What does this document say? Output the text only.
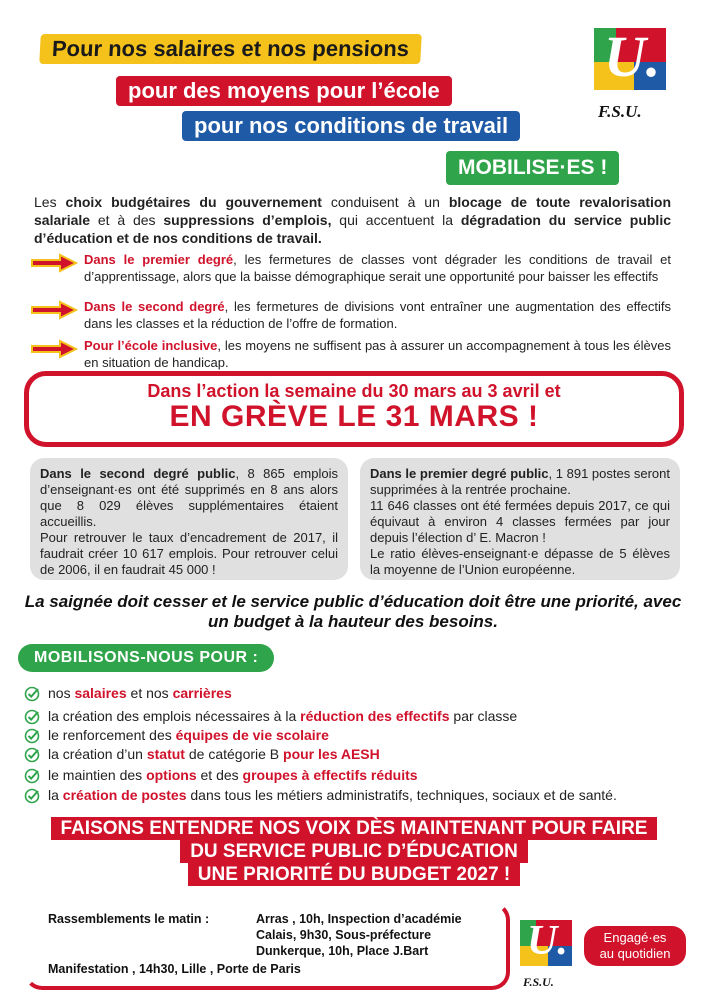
Pour nos salaires et nos pensions
pour des moyens pour l’école
pour nos conditions de travail
MOBILISE·ES !
U.
F.S.U.
Les choix budgétaires du gouvernement conduisent à un blocage de toute revalorisation salariale et à des suppressions d’emplois, qui accentuent la dégradation du service public d’éducation et de nos conditions de travail.
Dans le premier degré, les fermetures de classes vont dégrader les conditions de travail et d’apprentissage, alors que la baisse démographique serait une opportunité pour baisser les effectifs
Dans le second degré, les fermetures de divisions vont entraîner une augmentation des effectifs dans les classes et la réduction de l’offre de formation.
Pour l’école inclusive, les moyens ne suffisent pas à assurer un accompagnement à tous les élèves en situation de handicap.
Dans l’action la semaine du 30 mars au 3 avril et
EN GRÈVE LE 31 MARS !
Dans le second degré public, 8 865 emplois d’enseignant·es ont été supprimés en 8 ans alors que 8 029 élèves supplémentaires étaient accueillis.
Pour retrouver le taux d’encadrement de 2017, il faudrait créer 10 617 emplois. Pour retrouver celui de 2006, il en faudrait 45 000 !
Dans le premier degré public, 1 891 postes seront supprimées à la rentrée prochaine.
11 646 classes ont été fermées depuis 2017, ce qui équivaut à environ 4 classes fermées par jour depuis l’élection d’ E. Macron !
Le ratio élèves-enseignant·e dépasse de 5 élèves la moyenne de l’Union européenne.
La saignée doit cesser et le service public d’éducation doit être une priorité, avec un budget à la hauteur des besoins.
MOBILISONS-NOUS POUR :
nos salaires et nos carrières
la création des emplois nécessaires à la réduction des effectifs par classe
le renforcement des équipes de vie scolaire
la création d’un statut de catégorie B pour les AESH
le maintien des options et des groupes à effectifs réduits
la création de postes dans tous les métiers administratifs, techniques, sociaux et de santé.
FAISONS ENTENDRE NOS VOIX DÈS MAINTENANT POUR FAIRE
DU SERVICE PUBLIC D’ÉDUCATION
UNE PRIORITÉ DU BUDGET 2027 !
Rassemblements le matin :	Arras , 10h, Inspection d’académie
Calais, 9h30, Sous-préfecture
Dunkerque, 10h, Place J.Bart
Manifestation , 14h30, Lille , Porte de Paris
U.
F.S.U.
Engagé·es
au quotidien
